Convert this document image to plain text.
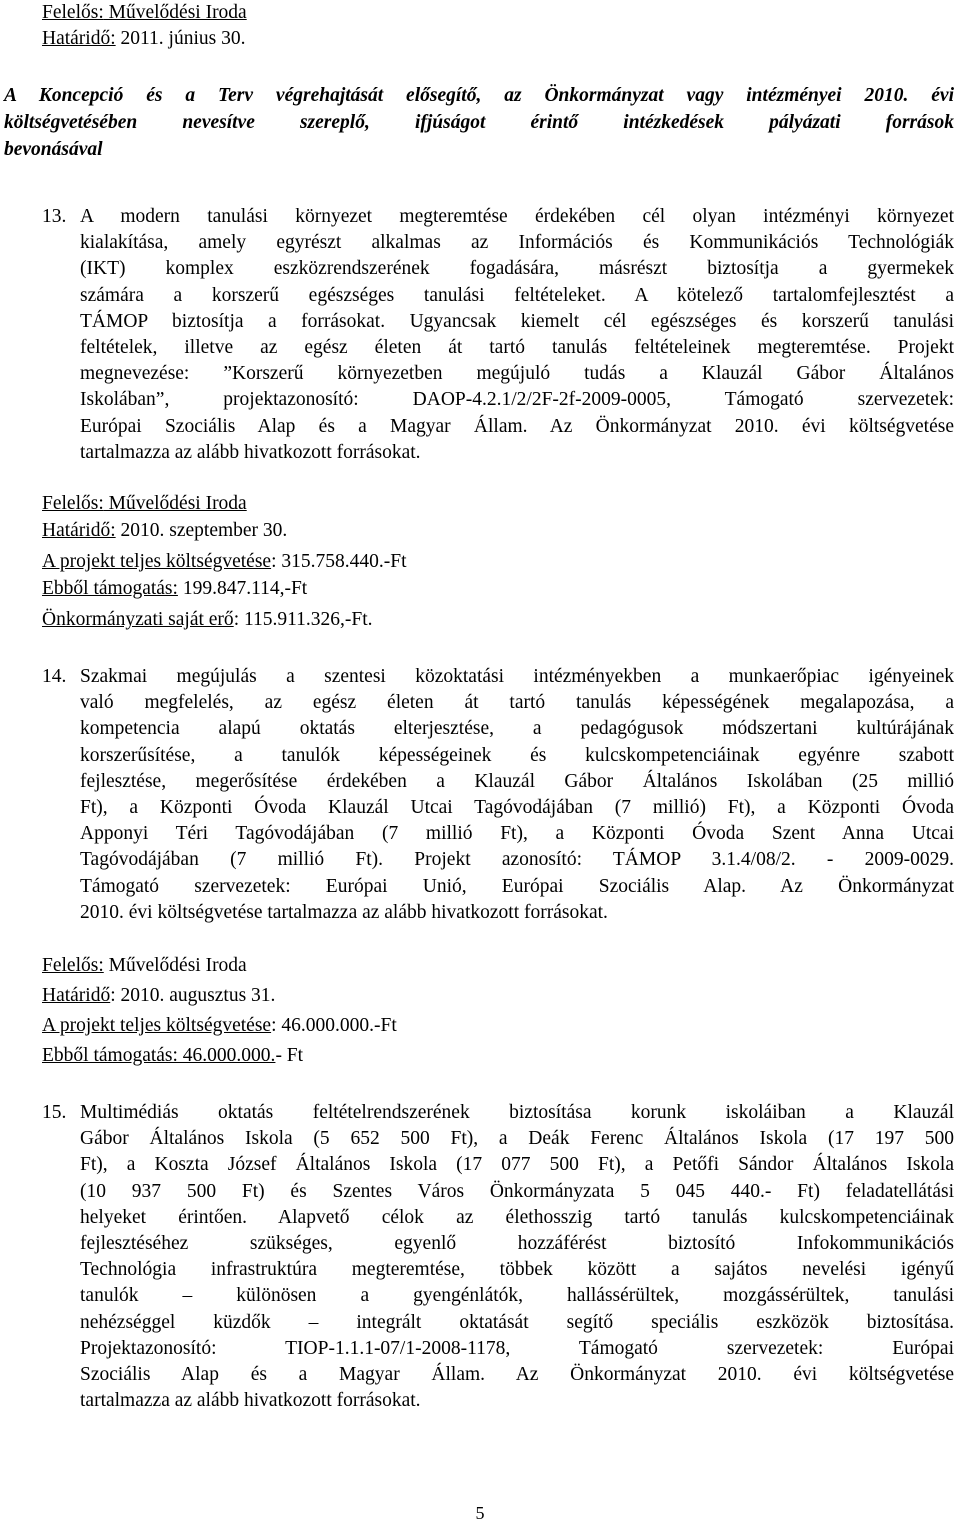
Felelős: Művelődési Iroda
Határidő: 2011. június 30.
A Koncepció és a Terv végrehajtását elősegítő, az Önkormányzat vagy intézményei 2010. évi
költségvetésében nevesítve szereplő, ifjúságot érintő intézkedések pályázati források
bevonásával
13. A modern tanulási környezet megteremtése érdekében cél olyan intézményi környezet
kialakítása, amely egyrészt alkalmas az Információs és Kommunikációs Technológiák
(IKT) komplex eszközrendszerének fogadására, másrészt biztosítja a gyermekek
számára a korszerű egészséges tanulási feltételeket. A kötelező tartalomfejlesztést a
TÁMOP biztosítja a forrásokat. Ugyancsak kiemelt cél egészséges és korszerű tanulási
feltételek, illetve az egész életen át tartó tanulás feltételeinek megteremtése. Projekt
megnevezése: ”Korszerű környezetben megújuló tudás a Klauzál Gábor Általános
Iskolában”, projektazonosító: DAOP-4.2.1/2/2F-2f-2009-0005, Támogató szervezetek:
Európai Szociális Alap és a Magyar Állam. Az Önkormányzat 2010. évi költségvetése
tartalmazza az alább hivatkozott forrásokat.
Felelős: Művelődési Iroda
Határidő: 2010. szeptember 30.
A projekt teljes költségvetése: 315.758.440.-Ft
Ebből támogatás: 199.847.114,-Ft
Önkormányzati saját erő: 115.911.326,-Ft.
14. Szakmai megújulás a szentesi közoktatási intézményekben a munkaerőpiac igényeinek
való megfelelés, az egész életen át tartó tanulás képességének megalapozása, a
kompetencia alapú oktatás elterjesztése, a pedagógusok módszertani kultúrájának
korszerűsítése, a tanulók képességeinek és kulcskompetenciáinak egyénre szabott
fejlesztése, megerősítése érdekében a Klauzál Gábor Általános Iskolában (25 millió
Ft), a Központi Óvoda Klauzál Utcai Tagóvodájában (7 millió) Ft), a Központi Óvoda
Apponyi Téri Tagóvodájában (7 millió Ft), a Központi Óvoda Szent Anna Utcai
Tagóvodájában (7 millió Ft). Projekt azonosító: TÁMOP 3.1.4/08/2. - 2009-0029.
Támogató szervezetek: Európai Unió, Európai Szociális Alap. Az Önkormányzat
2010. évi költségvetése tartalmazza az alább hivatkozott forrásokat.
Felelős: Művelődési Iroda
Határidő: 2010. augusztus 31.
A projekt teljes költségvetése: 46.000.000.-Ft
Ebből támogatás: 46.000.000.- Ft
15. Multimédiás oktatás feltételrendszerének biztosítása korunk iskoláiban a Klauzál
Gábor Általános Iskola (5 652 500 Ft), a Deák Ferenc Általános Iskola (17 197 500
Ft), a Koszta József Általános Iskola (17 077 500 Ft), a Petőfi Sándor Általános Iskola
(10 937 500 Ft) és Szentes Város Önkormányzata 5 045 440.- Ft) feladatellátási
helyeket érintően. Alapvető célok az élethosszig tartó tanulás kulcskompetenciáinak
fejlesztéséhez szükséges, egyenlő hozzáférést biztosító Infokommunikációs
Technológia infrastruktúra megteremtése, többek között a sajátos nevelési igényű
tanulók – különösen a gyengénlátók, hallássérültek, mozgássérültek, tanulási
nehézséggel küzdők – integrált oktatását segítő speciális eszközök biztosítása.
Projektazonosító: TIOP-1.1.1-07/1-2008-1178, Támogató szervezetek: Európai
Szociális Alap és a Magyar Állam. Az Önkormányzat 2010. évi költségvetése
tartalmazza az alább hivatkozott forrásokat.
5
